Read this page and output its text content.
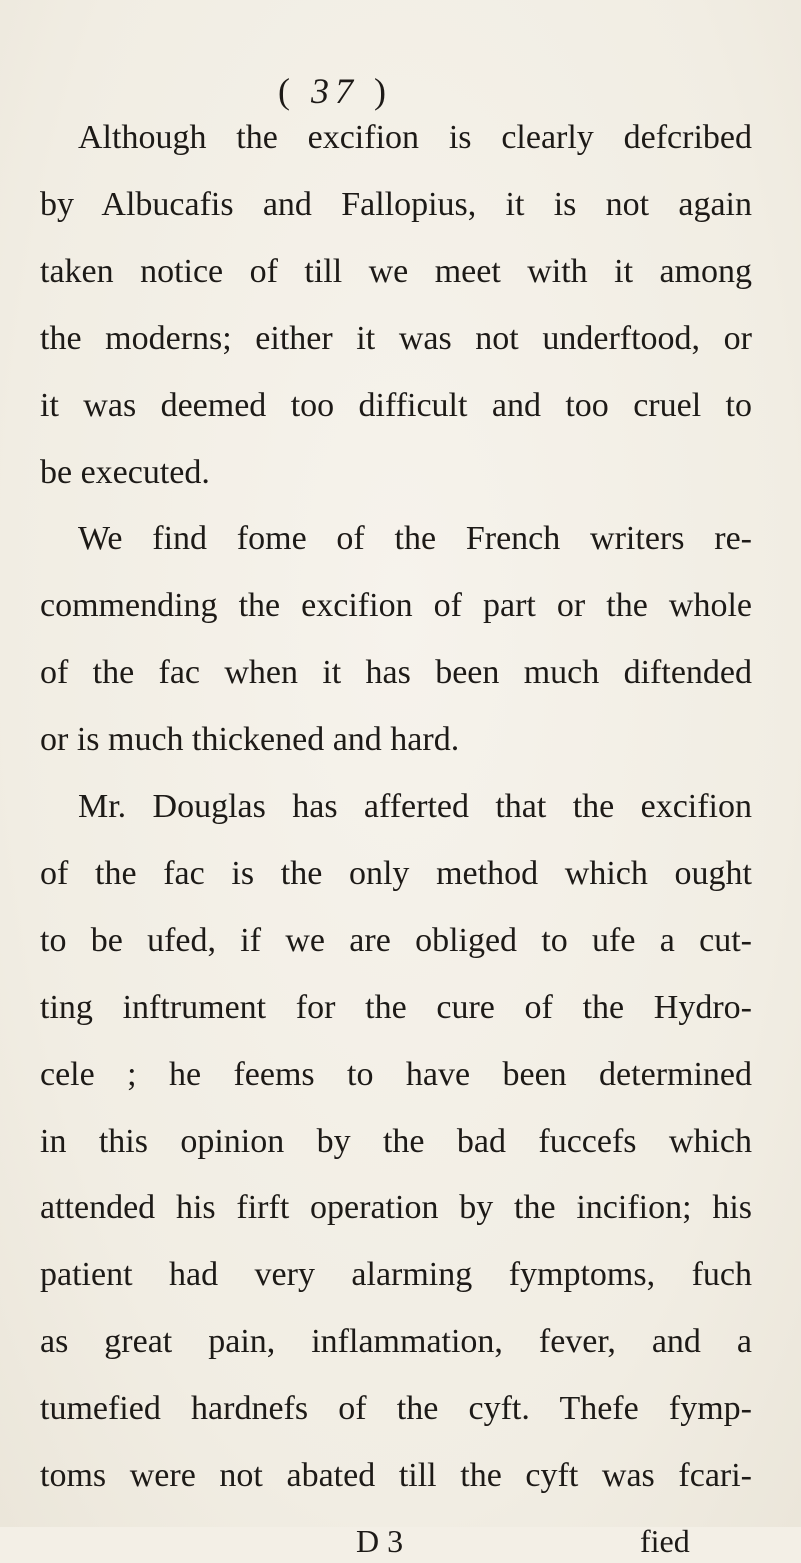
( 37 )
Although the excifion is clearly defcribed
by Albucafis and Fallopius, it is not again
taken notice of till we meet with it among
the moderns; either it was not underftood, or
it was deemed too difficult and too cruel to
be executed.
We find fome of the French writers re-
commending the excifion of part or the whole
of the fac when it has been much diftended
or is much thickened and hard.
Mr. Douglas has afferted that the excifion
of the fac is the only method which ought
to be ufed, if we are obliged to ufe a cut-
ting inftrument for the cure of the Hydro-
cele ; he feems to have been determined
in this opinion by the bad fuccefs which
attended his firft operation by the incifion; his
patient had very alarming fymptoms, fuch
as great pain, inflammation, fever, and a
tumefied hardnefs of the cyft. Thefe fymp-
toms were not abated till the cyft was fcari-
D 3	fied
